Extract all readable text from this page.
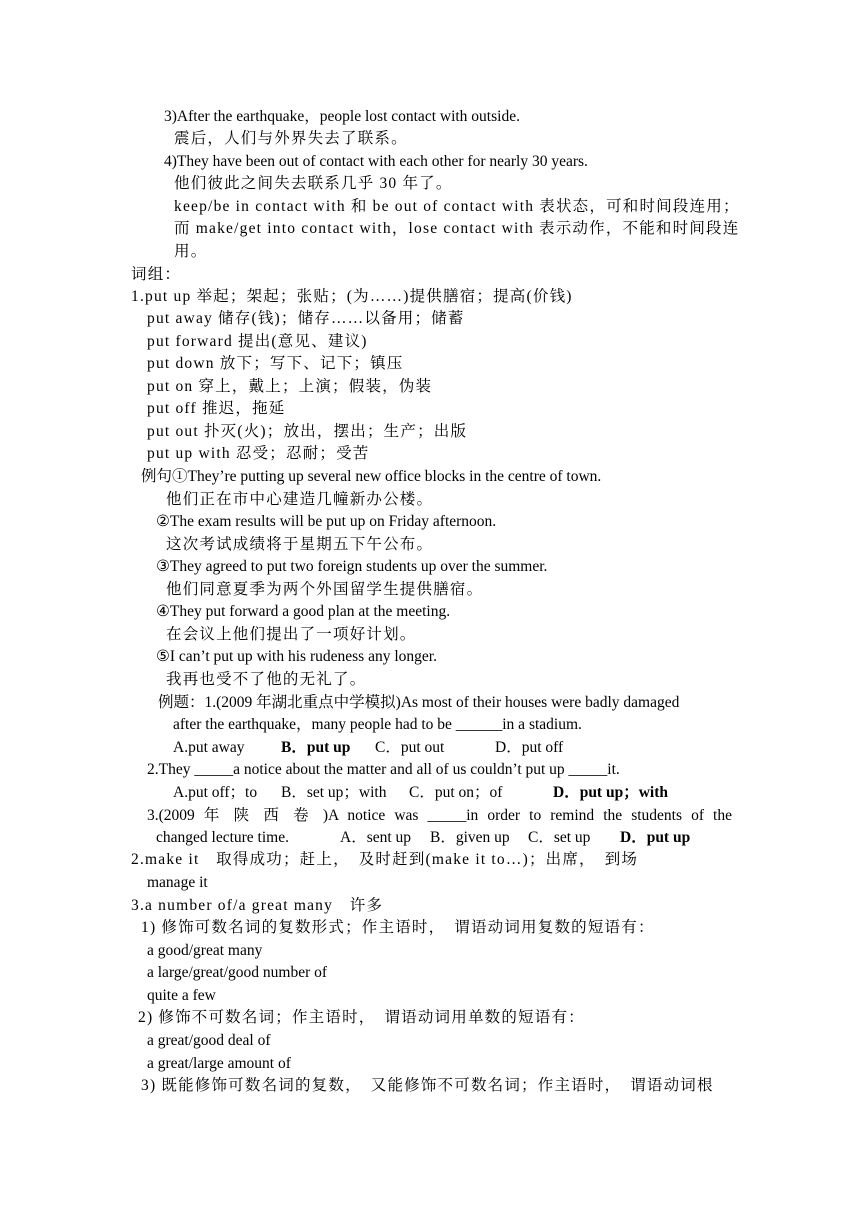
3)After the earthquake，people lost contact with outside.
震后，人们与外界失去了联系。
4)They have been out of contact with each other for nearly 30 years.
他们彼此之间失去联系几乎 30 年了。
keep/be in contact with 和 be out of contact with 表状态，可和时间段连用；
而 make/get into contact with，lose contact with 表示动作，不能和时间段连
用。
词组：
1.put up 举起；架起；张贴；(为……)提供膳宿；提高(价钱)
put away 储存(钱)；储存……以备用；储蓄
put forward 提出(意见、建议)
put down 放下；写下、记下；镇压
put on 穿上，戴上；上演；假装，伪装
put off 推迟，拖延
put out 扑灭(火)；放出，摆出；生产；出版
put up with 忍受；忍耐；受苦
例句①They’re putting up several new office blocks in the centre of town.
他们正在市中心建造几幢新办公楼。
②The exam results will be put up on Friday afternoon.
这次考试成绩将于星期五下午公布。
③They agreed to put two foreign students up over the summer.
他们同意夏季为两个外国留学生提供膳宿。
④They put forward a good plan at the meeting.
在会议上他们提出了一项好计划。
⑤I can’t put up with his rudeness any longer.
我再也受不了他的无礼了。
例题：1.(2009 年湖北重点中学模拟)As most of their houses were badly damaged
after the earthquake，many people had to be ______in a stadium.
A.put away B．put up C．put out	D．put off
2.They _____a notice about the matter and all of us couldn’t put up _____it.
A.put off；to B．set up；with C．put on；of	D．put up；with
3.(2009 年 陕 西 卷 )A notice was _____in order to remind the students of the
changed lecture time.	A．sent up B．given up C．set up D．put up
2.make it　取得成功；赶上，　及时赶到(make it to…)；出席，　到场
manage it
3.a number of/a great many　许多
1) 修饰可数名词的复数形式；作主语时，　谓语动词用复数的短语有：
a good/great many
a large/great/good number of
quite a few
2) 修饰不可数名词；作主语时，　谓语动词用单数的短语有：
a great/good deal of
a great/large amount of
3) 既能修饰可数名词的复数，　又能修饰不可数名词；作主语时，　谓语动词根
